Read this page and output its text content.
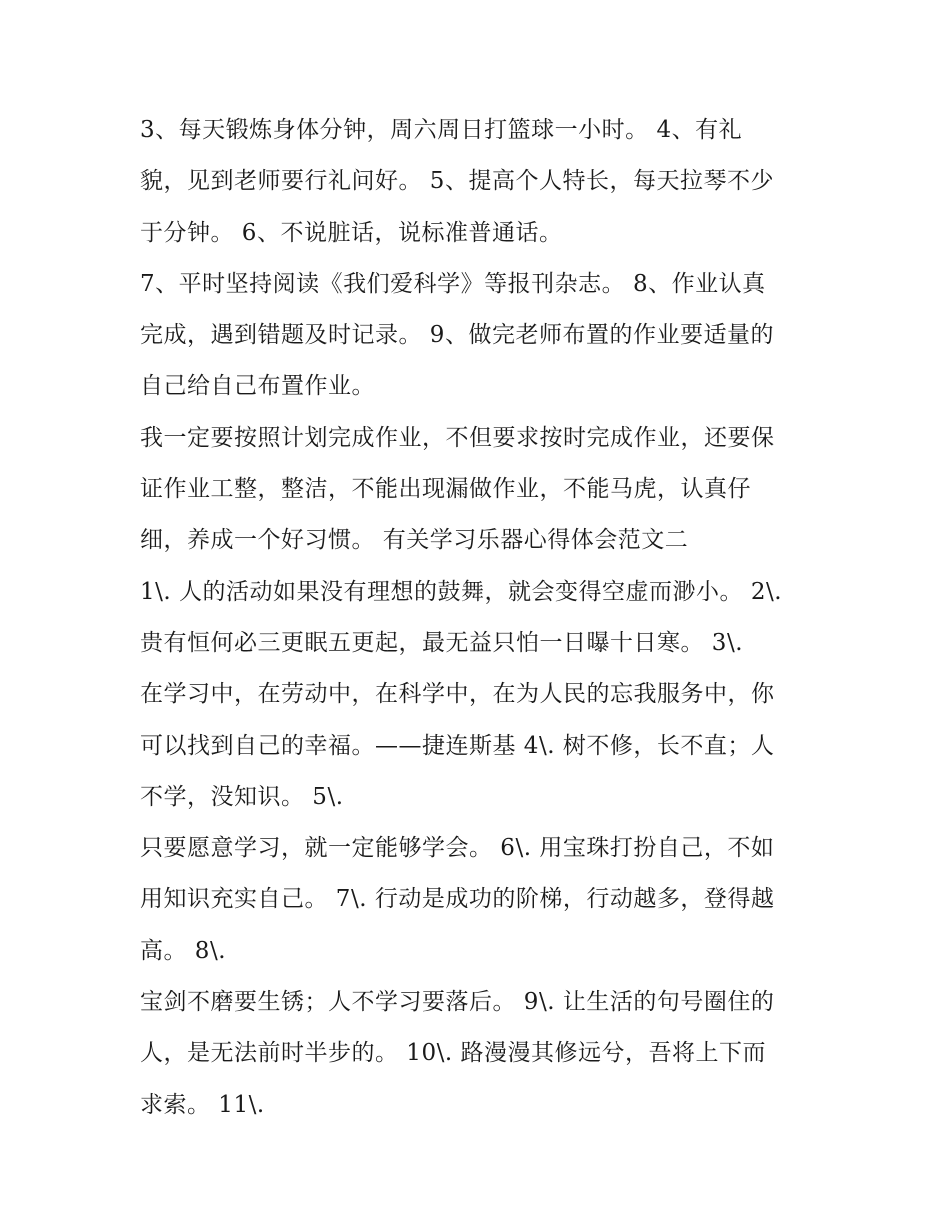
3、每天锻炼身体分钟，周六周日打篮球一小时。 4、有礼
貌，见到老师要行礼问好。 5、提高个人特长，每天拉琴不少
于分钟。 6、不说脏话，说标准普通话。
7、平时坚持阅读《我们爱科学》等报刊杂志。 8、作业认真
完成，遇到错题及时记录。 9、做完老师布置的作业要适量的
自己给自己布置作业。
我一定要按照计划完成作业，不但要求按时完成作业，还要保
证作业工整，整洁，不能出现漏做作业，不能马虎，认真仔
细，养成一个好习惯。 有关学习乐器心得体会范文二
1\. 人的活动如果没有理想的鼓舞，就会变得空虚而渺小。 2\.
贵有恒何必三更眠五更起，最无益只怕一日曝十日寒。 3\.
在学习中，在劳动中，在科学中，在为人民的忘我服务中，你
可以找到自己的幸福。——捷连斯基 4\. 树不修，长不直；人
不学，没知识。 5\.
只要愿意学习，就一定能够学会。 6\. 用宝珠打扮自己，不如
用知识充实自己。 7\. 行动是成功的阶梯，行动越多，登得越
高。 8\.
宝剑不磨要生锈；人不学习要落后。 9\. 让生活的句号圈住的
人，是无法前时半步的。 10\. 路漫漫其修远兮，吾将上下而
求索。 11\.
